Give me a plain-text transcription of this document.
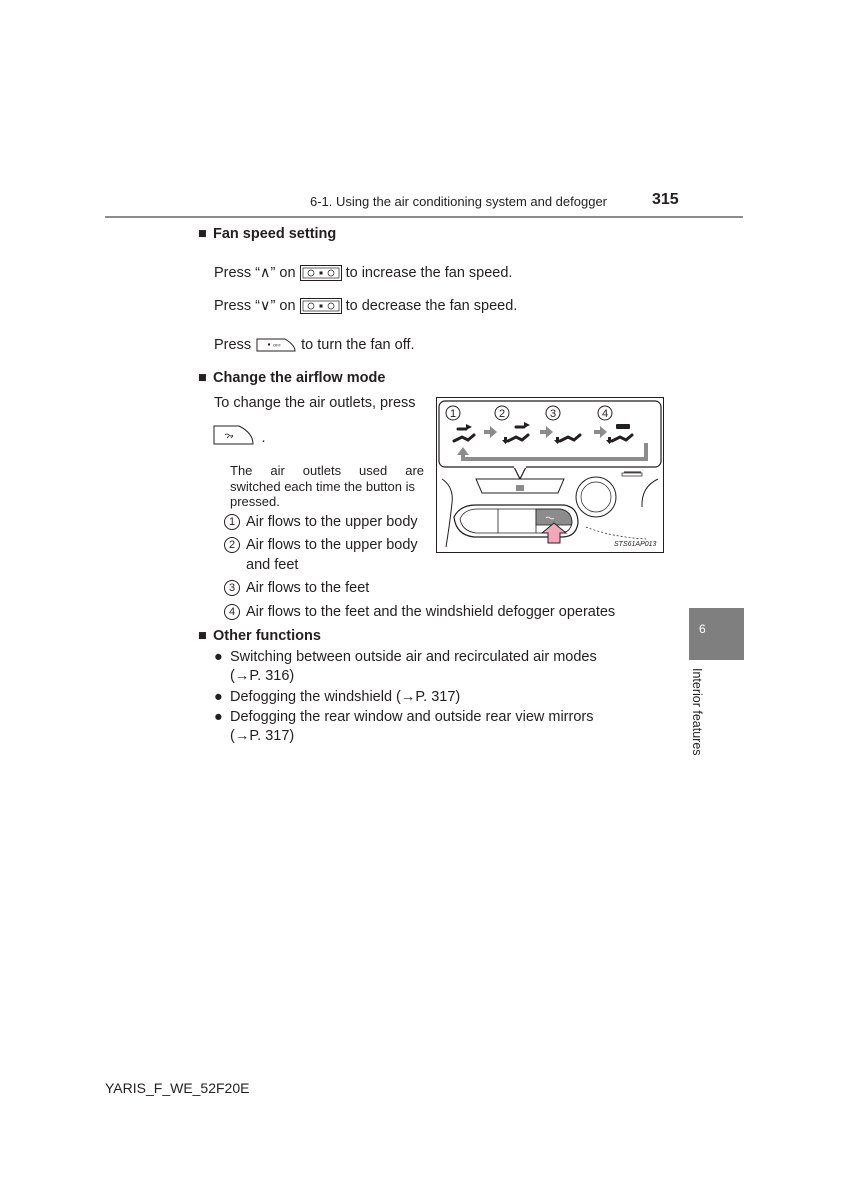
6-1. Using the air conditioning system and defogger	315
■ Fan speed setting
Press “∧” on	to increase the fan speed.
Press “∨” on	to decrease the fan speed.
Press	OFF to turn the fan off.
■ Change the airflow mode
To change the air outlets, press
.
The air outlets used are
switched each time the button is
pressed.
1 Air flows to the upper body
2 Air flows to the upper body
and feet
3 Air flows to the feet
4 Air flows to the feet and the windshield defogger operates
1	2	3	4
STS61AP013
■ Other functions
● Switching between outside air and recirculated air modes
(→P. 316)
● Defogging the windshield (→P. 317)
● Defogging the rear window and outside rear view mirrors
(→P. 317)
6
Interior features
YARIS_F_WE_52F20E
